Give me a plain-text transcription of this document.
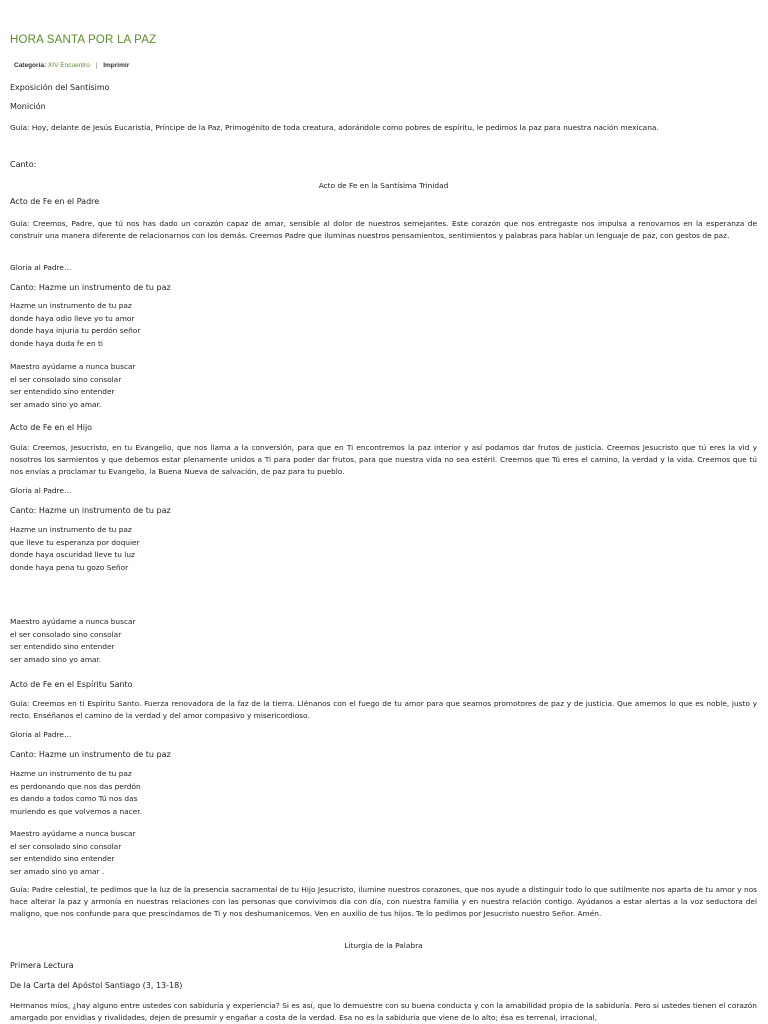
HORA SANTA POR LA PAZ
Categoría: XIV Encuentro | Imprimir

Exposición del Santísimo

Monición

Guía: Hoy, delante de Jesús Eucaristía, Príncipe de la Paz, Primogénito de toda creatura, adorándole como pobres de espíritu, le pedimos la paz para nuestra nación mexicana.

Canto:

Acto de Fe en la Santísima Trinidad

Acto de Fe en el Padre

Guía: Creemos, Padre, que tú nos has dado un corazón capaz de amar, sensible al dolor de nuestros semejantes. Este corazón que nos entregaste nos impulsa a renovarnos en la esperanza de construir una manera diferente de relacionarnos con los demás. Creemos Padre que iluminas nuestros pensamientos, sentimientos y palabras para hablar un lenguaje de paz, con gestos de paz.

Gloria al Padre…

Canto: Hazme un instrumento de tu paz

Hazme un instrumento de tu paz
donde haya odio lleve yo tu amor
donde haya injuria tu perdón señor
donde haya duda fe en ti
Maestro ayúdame a nunca buscar
el ser consolado sino consolar
ser entendido sino entender
ser amado sino yo amar.

Acto de Fe en el Hijo

Guía: Creemos, Jesucristo, en tu Evangelio, que nos llama a la conversión, para que en Ti encontremos la paz interior y así podamos dar frutos de justicia. Creemos Jesucristo que tú eres la vid y nosotros los sarmientos y que debemos estar plenamente unidos a Ti para poder dar frutos, para que nuestra vida no sea estéril. Creemos que Tú eres el camino, la verdad y la vida. Creemos que tú nos envías a proclamar tu Evangelio, la Buena Nueva de salvación, de paz para tu pueblo.

Gloria al Padre…

Canto: Hazme un instrumento de tu paz

Hazme un instrumento de tu paz
que lleve tu esperanza por doquier
donde haya oscuridad lleve tu luz
donde haya pena tu gozo Señor
Maestro ayúdame a nunca buscar
el ser consolado sino consolar
ser entendido sino entender
ser amado sino yo amar.

Acto de Fe en el Espíritu Santo

Guía: Creemos en ti Espíritu Santo. Fuerza renovadora de la faz de la tierra. Llénanos con el fuego de tu amor para que seamos promotores de paz y de justicia. Que amemos lo que es noble, justo y recto. Enséñanos el camino de la verdad y del amor compasivo y misericordioso.

Gloria al Padre…

Canto: Hazme un instrumento de tu paz

Hazme un instrumento de tu paz
es perdonando que nos das perdón
es dando a todos como Tú nos das
muriendo es que volvemos a nacer.
Maestro ayúdame a nunca buscar
el ser consolado sino consolar
ser entendido sino entender
ser amado sino yo amar .

Guía: Padre celestial, te pedimos que la luz de la presencia sacramental de tu Hijo Jesucristo, ilumine nuestros corazones, que nos ayude a distinguir todo lo que sutilmente nos aparta de tu amor y nos hace alterar la paz y armonía en nuestras relaciones con las personas que convivimos día con día, con nuestra familia y en nuestra relación contigo. Ayúdanos a estar alertas a la voz seductora del maligno, que nos confunde para que prescindamos de Ti y nos deshumanicemos. Ven en auxilio de tus hijos. Te lo pedimos por Jesucristo nuestro Señor. Amén.

Liturgia de la Palabra

Primera Lectura

De la Carta del Apóstol Santiago (3, 13-18)

Hermanos míos, ¿hay alguno entre ustedes con sabiduría y experiencia? Si es así, que lo demuestre con su buena conducta y con la amabilidad propia de la sabiduría. Pero si ustedes tienen el corazón amargado por envidias y rivalidades, dejen de presumir y engañar a costa de la verdad. Esa no es la sabiduría que viene de lo alto; ésa es terrenal, irracional,
